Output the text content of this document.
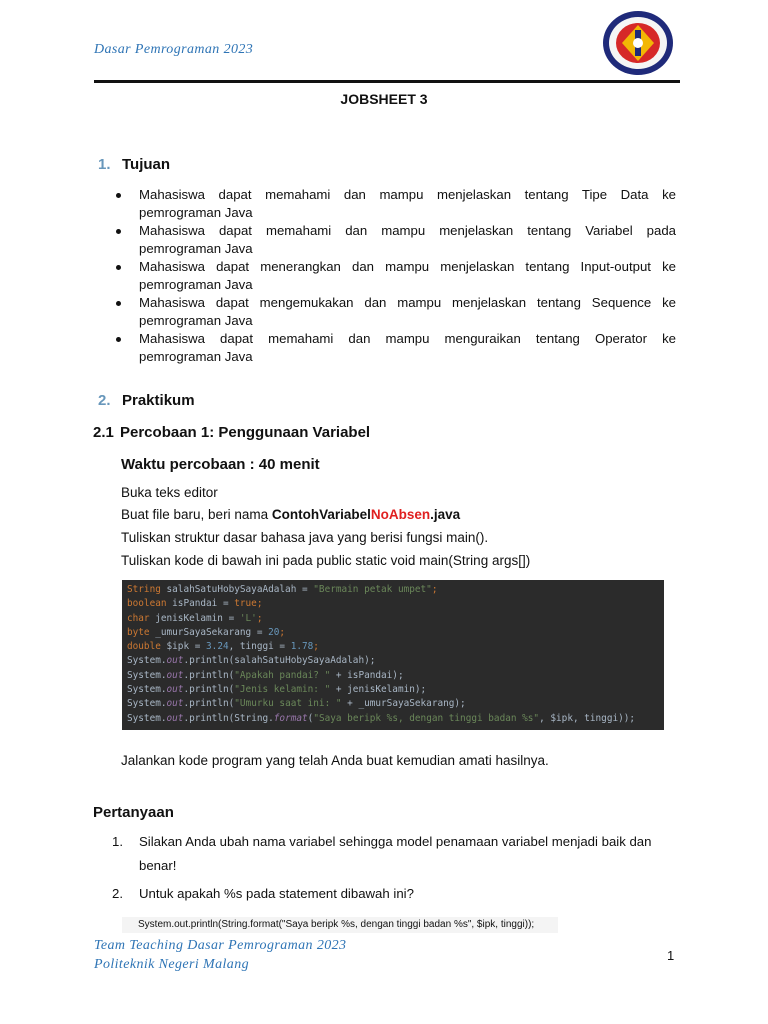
Dasar Pemrograman 2023
JOBSHEET 3
1. Tujuan
Mahasiswa dapat memahami dan mampu menjelaskan tentang Tipe Data ke
pemrograman Java
Mahasiswa dapat memahami dan mampu menjelaskan tentang Variabel pada
pemrograman Java
Mahasiswa dapat menerangkan dan mampu menjelaskan tentang Input-output ke
pemrograman Java
Mahasiswa dapat mengemukakan dan mampu menjelaskan tentang Sequence ke
pemrograman Java
Mahasiswa dapat memahami dan mampu menguraikan tentang Operator ke
pemrograman Java
2. Praktikum
2.1 Percobaan 1: Penggunaan Variabel
Waktu percobaan : 40 menit
Buka teks editor
Buat file baru, beri nama ContohVariabelNoAbsen.java
Tuliskan struktur dasar bahasa java yang berisi fungsi main().
Tuliskan kode di bawah ini pada public static void main(String args[])
String salahSatuHobySayaAdalah = "Bermain petak umpet";
boolean isPandai = true;
char jenisKelamin = 'L';
byte _umurSayaSekarang = 20;
double $ipk = 3.24, tinggi = 1.78;
System.out.println(salahSatuHobySayaAdalah);
System.out.println("Apakah pandai? " + isPandai);
System.out.println("Jenis kelamin: " + jenisKelamin);
System.out.println("Umurku saat ini: " + _umurSayaSekarang);
System.out.println(String.format("Saya beripk %s, dengan tinggi badan %s", $ipk, tinggi));
Jalankan kode program yang telah Anda buat kemudian amati hasilnya.
Pertanyaan
1. Silakan Anda ubah nama variabel sehingga model penamaan variabel menjadi baik dan
benar!
2. Untuk apakah %s pada statement dibawah ini?
System.out.println(String.format("Saya beripk %s, dengan tinggi badan %s", $ipk, tinggi));
Team Teaching Dasar Pemrograman 2023
Politeknik Negeri Malang
1
